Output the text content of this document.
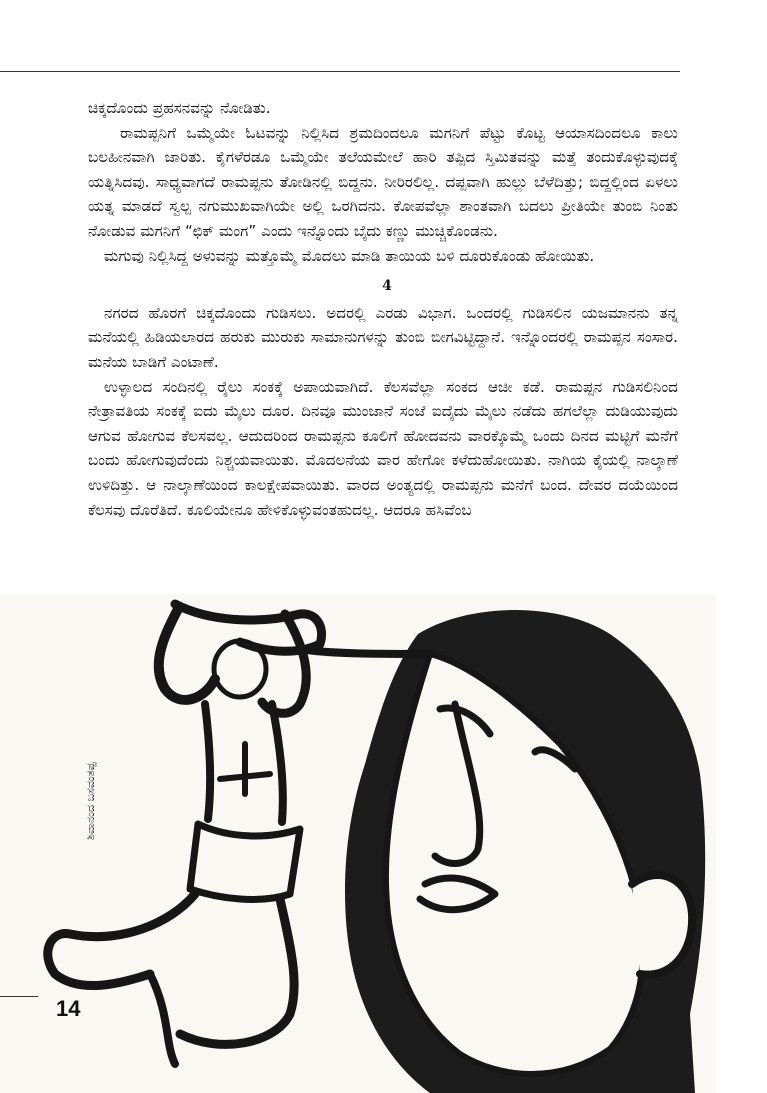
ಚಿಕ್ಕದೊಂದು ಪ್ರಹಸನವನ್ನು ನೋಡಿತು.

ರಾಮಪ್ಪನಿಗೆ ಒಮ್ಮೆಯೇ ಓಟವನ್ನು ನಿಲ್ಲಿಸಿದ ಶ್ರಮದಿಂದಲೂ ಮಗನಿಗೆ ಪೆಟ್ಟು ಕೊಟ್ಟ ಆಯಾಸದಿಂದಲೂ ಕಾಲು ಬಲಹೀನವಾಗಿ ಜಾರಿತು. ಕೈಗಳೆರಡೂ ಒಮ್ಮೆಯೇ ತಲೆಯಮೇಲೆ ಹಾರಿ ತಪ್ಪಿದ ಸ್ತಿಮಿತವನ್ನು ಮತ್ತೆ ತಂದುಕೊಳ್ಳುವುದಕ್ಕೆ ಯತ್ನಿಸಿದವು. ಸಾಧ್ಯವಾಗದೆ ರಾಮಪ್ಪನು ತೋಡಿನಲ್ಲಿ ಬಿದ್ದನು. ನೀರಿರಲಿಲ್ಲ. ದಪ್ಪವಾಗಿ ಹುಲ್ಲು ಬೆಳೆದಿತ್ತು; ಬಿದ್ದಲ್ಲಿಂದ ಏಳಲು ಯತ್ನ ಮಾಡದೆ ಸ್ವಲ್ಪ ನಗುಮುಖವಾಗಿಯೇ ಅಲ್ಲಿ ಒರಗಿದನು. ಕೋಪವೆಲ್ಲಾ ಶಾಂತವಾಗಿ ಬದಲು ಪ್ರೀತಿಯೇ ತುಂಬಿ ನಿಂತು ನೋಡುವ ಮಗನಿಗೆ “ಛಿಕ್ ಮಂಗ” ಎಂದು ಇನ್ನೊಂದು ಬೈದು ಕಣ್ಣು ಮುಚ್ಚಿಕೊಂಡನು.

ಮಗುವು ನಿಲ್ಲಿಸಿದ್ದ ಅಳುವನ್ನು ಮತ್ತೊಮ್ಮೆ ಮೊದಲು ಮಾಡಿ ತಾಯಿಯ ಬಳಿ ದೂರುಕೊಂಡು ಹೋಯಿತು.

4

ನಗರದ ಹೊರಗೆ ಚಿಕ್ಕದೊಂದು ಗುಡಿಸಲು. ಅದರಲ್ಲಿ ಎರಡು ವಿಭಾಗ. ಒಂದರಲ್ಲಿ ಗುಡಿಸಲಿನ ಯಜಮಾನನು ತನ್ನ ಮನೆಯಲ್ಲಿ ಹಿಡಿಯಲಾರದ ಹರುಕು ಮುರುಕು ಸಾಮಾನುಗಳನ್ನು ತುಂಬಿ ಬೀಗವಿಟ್ಟಿದ್ದಾನೆ. ಇನ್ನೊಂದರಲ್ಲಿ ರಾಮಪ್ಪನ ಸಂಸಾರ. ಮನೆಯ ಬಾಡಿಗೆ ಎಂಟಾಣೆ.

ಉಳ್ಳಾಲದ ಸಂದಿನಲ್ಲಿ ರೈಲು ಸಂಕಕ್ಕೆ ಅಪಾಯವಾಗಿದೆ. ಕೆಲಸವೆಲ್ಲಾ ಸಂಕದ ಆಚೀ ಕಡೆ. ರಾಮಪ್ಪನ ಗುಡಿಸಲಿನಿಂದ ನೇತ್ರಾವತಿಯ ಸಂಕಕ್ಕೆ ಐದು ಮೈಲು ದೂರ. ದಿನವೂ ಮುಂಜಾನೆ ಸಂಜೆ ಐದೈದು ಮೈಲು ನಡೆದು ಹಗಲೆಲ್ಲಾ ದುಡಿಯುವುದು ಆಗುವ ಹೋಗುವ ಕೆಲಸವಲ್ಲ. ಆದುದರಿಂದ ರಾಮಪ್ಪನು ಕೂಲಿಗೆ ಹೋದವನು ವಾರಕ್ಕೊಮ್ಮೆ ಒಂದು ದಿನದ ಮಟ್ಟಿಗೆ ಮನೆಗೆ ಬಂದು ಹೋಗುವುದೆಂದು ನಿಶ್ಚಯವಾಯಿತು. ಮೊದಲನೆಯ ವಾರ ಹೇಗೋ ಕಳೆದುಹೋಯಿತು. ನಾಗಿಯ ಕೈಯಲ್ಲಿ ನಾಲ್ಕಾಣೆ ಉಳಿದಿತ್ತು. ಆ ನಾಲ್ಕಾಣೆಯಿಂದ ಕಾಲಕ್ಷೇಪವಾಯಿತು. ವಾರದ ಅಂತ್ಯದಲ್ಲಿ ರಾಮಪ್ಪನು ಮನೆಗೆ ಬಂದ. ದೇವರ ದಯೆಯಿಂದ ಕೆಲಸವು ದೊರೆತಿದೆ. ಕೂಲಿಯೇನೂ ಹೇಳಿಕೊಳ್ಳುವಂತಹುದಲ್ಲ. ಆದರೂ ಹಸಿವೆಂಬ

ಶಿವಾನಂದ ಬಸವಂತಪ್ಪ
14
